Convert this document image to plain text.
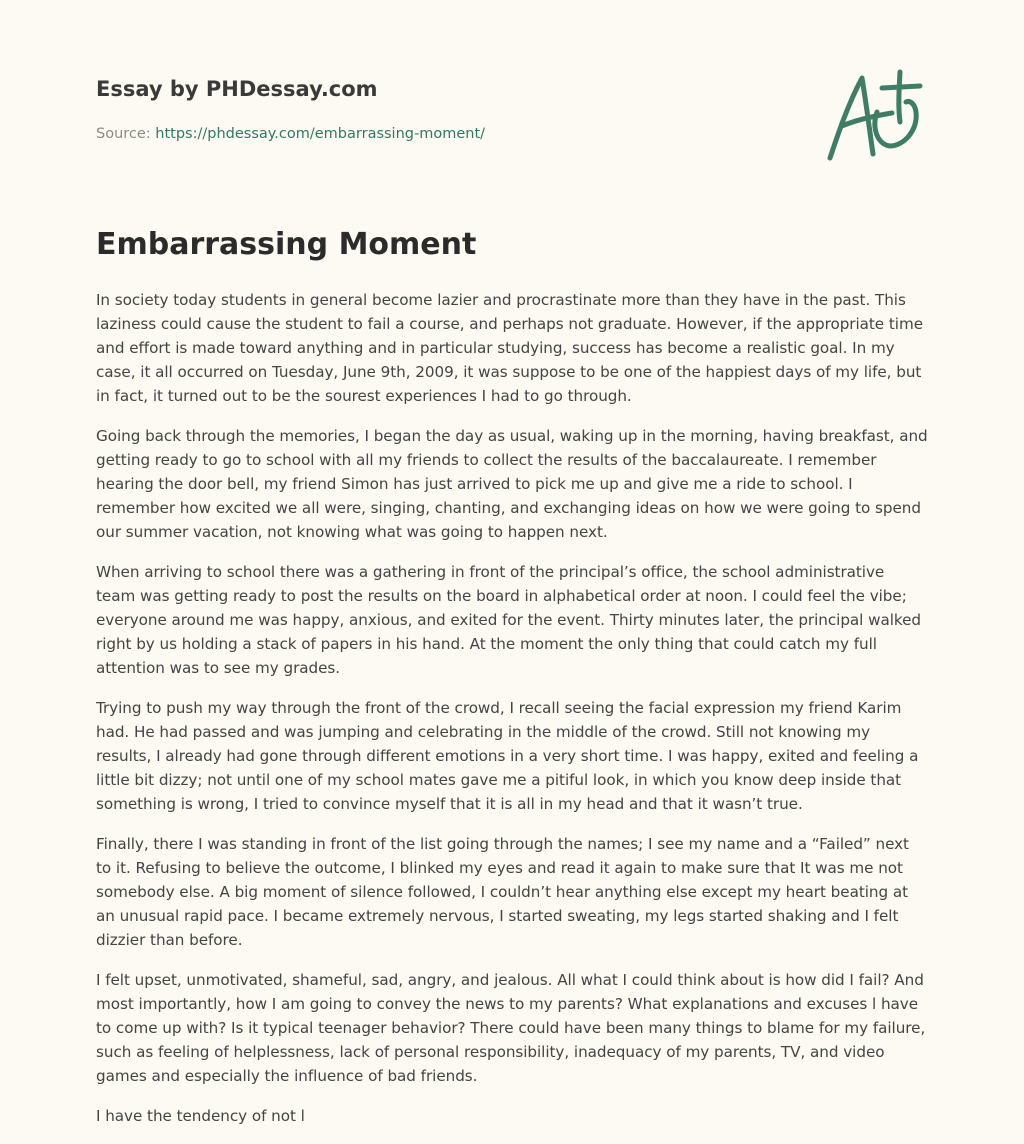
Essay by PHDessay.com
Source: https://phdessay.com/embarrassing-moment/
Embarrassing Moment

In society today students in general become lazier and procrastinate more than they have in the past. This laziness could cause the student to fail a course, and perhaps not graduate. However, if the appropriate time and effort is made toward anything and in particular studying, success has become a realistic goal. In my case, it all occurred on Tuesday, June 9th, 2009, it was suppose to be one of the happiest days of my life, but in fact, it turned out to be the sourest experiences I had to go through.

Going back through the memories, I began the day as usual, waking up in the morning, having breakfast, and getting ready to go to school with all my friends to collect the results of the baccalaureate. I remember hearing the door bell, my friend Simon has just arrived to pick me up and give me a ride to school. I remember how excited we all were, singing, chanting, and exchanging ideas on how we were going to spend our summer vacation, not knowing what was going to happen next.

When arriving to school there was a gathering in front of the principal’s office, the school administrative team was getting ready to post the results on the board in alphabetical order at noon. I could feel the vibe; everyone around me was happy, anxious, and exited for the event. Thirty minutes later, the principal walked right by us holding a stack of papers in his hand. At the moment the only thing that could catch my full attention was to see my grades.

Trying to push my way through the front of the crowd, I recall seeing the facial expression my friend Karim had. He had passed and was jumping and celebrating in the middle of the crowd. Still not knowing my results, I already had gone through different emotions in a very short time. I was happy, exited and feeling a little bit dizzy; not until one of my school mates gave me a pitiful look, in which you know deep inside that something is wrong, I tried to convince myself that it is all in my head and that it wasn’t true.

Finally, there I was standing in front of the list going through the names; I see my name and a “Failed” next to it. Refusing to believe the outcome, I blinked my eyes and read it again to make sure that It was me not somebody else. A big moment of silence followed, I couldn’t hear anything else except my heart beating at an unusual rapid pace. I became extremely nervous, I started sweating, my legs started shaking and I felt dizzier than before.

I felt upset, unmotivated, shameful, sad, angry, and jealous. All what I could think about is how did I fail? And most importantly, how I am going to convey the news to my parents? What explanations and excuses l have to come up with? Is it typical teenager behavior? There could have been many things to blame for my failure, such as feeling of helplessness, lack of personal responsibility, inadequacy of my parents, TV, and video games and especially the influence of bad friends.

I have the tendency of not l
